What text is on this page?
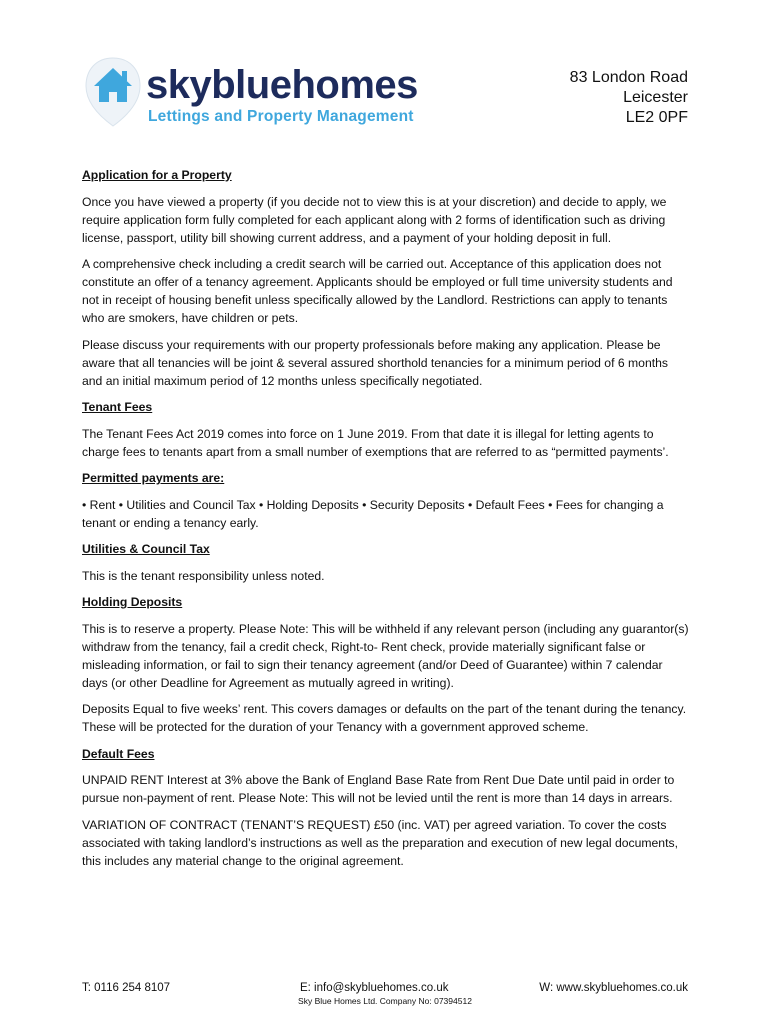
skybluehomes
Lettings and Property Management
83 London Road
Leicester
LE2 0PF
Application for a Property

Once you have viewed a property (if you decide not to view this is at your discretion) and decide to apply, we require application form fully completed for each applicant along with 2 forms of identification such as driving license, passport, utility bill showing current address, and a payment of your holding deposit in full.

A comprehensive check including a credit search will be carried out. Acceptance of this application does not constitute an offer of a tenancy agreement. Applicants should be employed or full time university students and not in receipt of housing benefit unless specifically allowed by the Landlord. Restrictions can apply to tenants who are smokers, have children or pets.

Please discuss your requirements with our property professionals before making any application. Please be aware that all tenancies will be joint & several assured shorthold tenancies for a minimum period of 6 months and an initial maximum period of 12 months unless specifically negotiated.

Tenant Fees

The Tenant Fees Act 2019 comes into force on 1 June 2019. From that date it is illegal for letting agents to charge fees to tenants apart from a small number of exemptions that are referred to as “permitted payments’.

Permitted payments are:

• Rent • Utilities and Council Tax • Holding Deposits • Security Deposits • Default Fees • Fees for changing a tenant or ending a tenancy early.

Utilities & Council Tax

This is the tenant responsibility unless noted.

Holding Deposits

This is to reserve a property. Please Note: This will be withheld if any relevant person (including any guarantor(s) withdraw from the tenancy, fail a credit check, Right-to- Rent check, provide materially significant false or misleading information, or fail to sign their tenancy agreement (and/or Deed of Guarantee) within 7 calendar days (or other Deadline for Agreement as mutually agreed in writing).

Deposits Equal to five weeks’ rent. This covers damages or defaults on the part of the tenant during the tenancy. These will be protected for the duration of your Tenancy with a government approved scheme.

Default Fees

UNPAID RENT Interest at 3% above the Bank of England Base Rate from Rent Due Date until paid in order to pursue non-payment of rent. Please Note: This will not be levied until the rent is more than 14 days in arrears.

VARIATION OF CONTRACT (TENANT’S REQUEST) £50 (inc. VAT) per agreed variation. To cover the costs associated with taking landlord’s instructions as well as the preparation and execution of new legal documents, this includes any material change to the original agreement.

T: 0116 254 8107	E: info@skybluehomes.co.uk	W: www.skybluehomes.co.uk
Sky Blue Homes Ltd. Company No: 07394512
